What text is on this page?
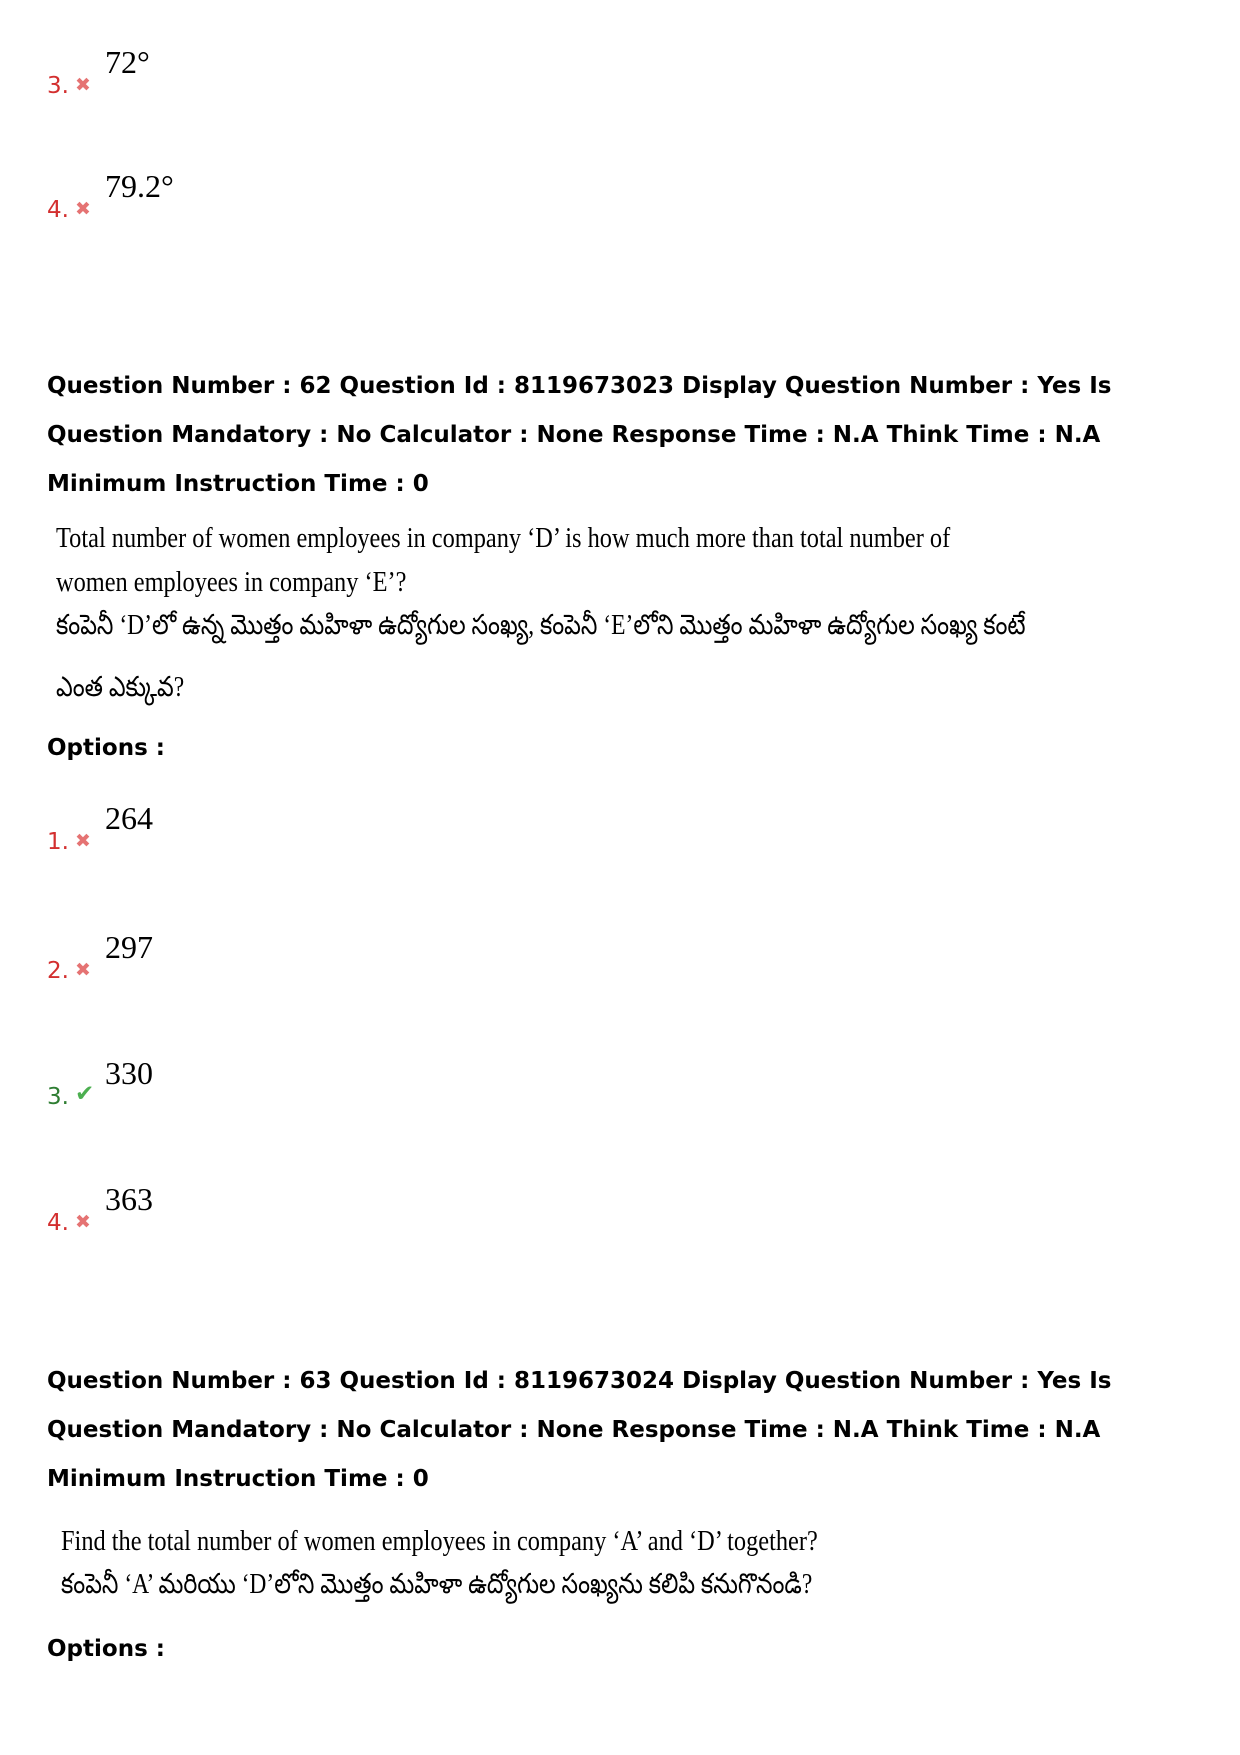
3. ✖
72°
4. ✖
79.2°
Question Number : 62 Question Id : 8119673023 Display Question Number : Yes Is Question Mandatory : No Calculator : None Response Time : N.A Think Time : N.A Minimum Instruction Time : 0
Total number of women employees in company ‘D’ is how much more than total number of
women employees in company ‘E’?
కంపెనీ ‘D’లో ఉన్న మొత్తం మహిళా ఉద్యోగుల సంఖ్య, కంపెనీ ‘E’లోని మొత్తం మహిళా ఉద్యోగుల సంఖ్య కంటే
ఎంత ఎక్కువ?
Options :
1. ✖
264
2. ✖
297
3. ✔
330
4. ✖
363
Question Number : 63 Question Id : 8119673024 Display Question Number : Yes Is Question Mandatory : No Calculator : None Response Time : N.A Think Time : N.A Minimum Instruction Time : 0
Find the total number of women employees in company ‘A’ and ‘D’ together?
కంపెనీ ‘A’ మరియు ‘D’లోని మొత్తం మహిళా ఉద్యోగుల సంఖ్యను కలిపి కనుగొనండి?
Options :
